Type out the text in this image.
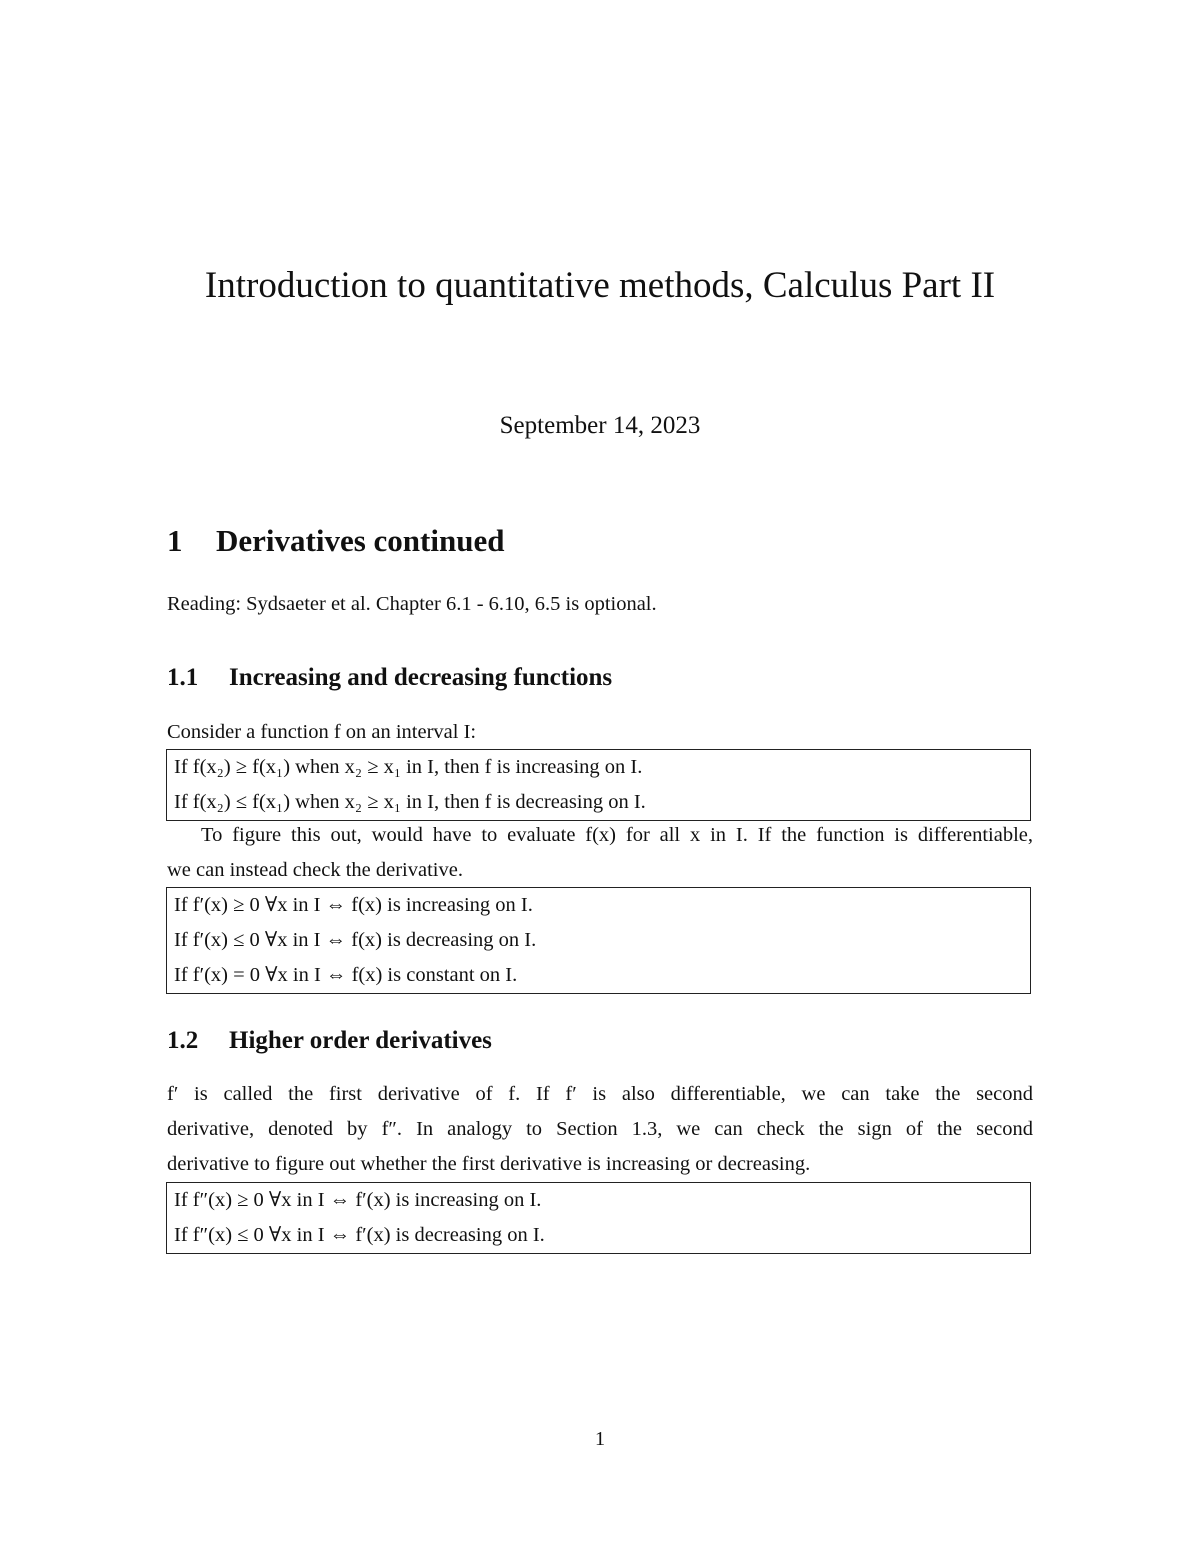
Introduction to quantitative methods, Calculus Part II
September 14, 2023
1 Derivatives continued
Reading: Sydsaeter et al. Chapter 6.1 - 6.10, 6.5 is optional.
1.1 Increasing and decreasing functions
Consider a function f on an interval I:
If f(x₂) ≥ f(x₁) when x₂ ≥ x₁ in I, then f is increasing on I.
If f(x₂) ≤ f(x₁) when x₂ ≥ x₁ in I, then f is decreasing on I.
To figure this out, would have to evaluate f(x) for all x in I. If the function is differentiable,
we can instead check the derivative.
If f′(x) ≥ 0 ∀x in I ⇔ f(x) is increasing on I.
If f′(x) ≤ 0 ∀x in I ⇔ f(x) is decreasing on I.
If f′(x) = 0 ∀x in I ⇔ f(x) is constant on I.
1.2 Higher order derivatives
f′ is called the first derivative of f. If f′ is also differentiable, we can take the second
derivative, denoted by f″. In analogy to Section 1.3, we can check the sign of the second
derivative to figure out whether the first derivative is increasing or decreasing.
If f″(x) ≥ 0 ∀x in I ⇔ f′(x) is increasing on I.
If f″(x) ≤ 0 ∀x in I ⇔ f′(x) is decreasing on I.
1
